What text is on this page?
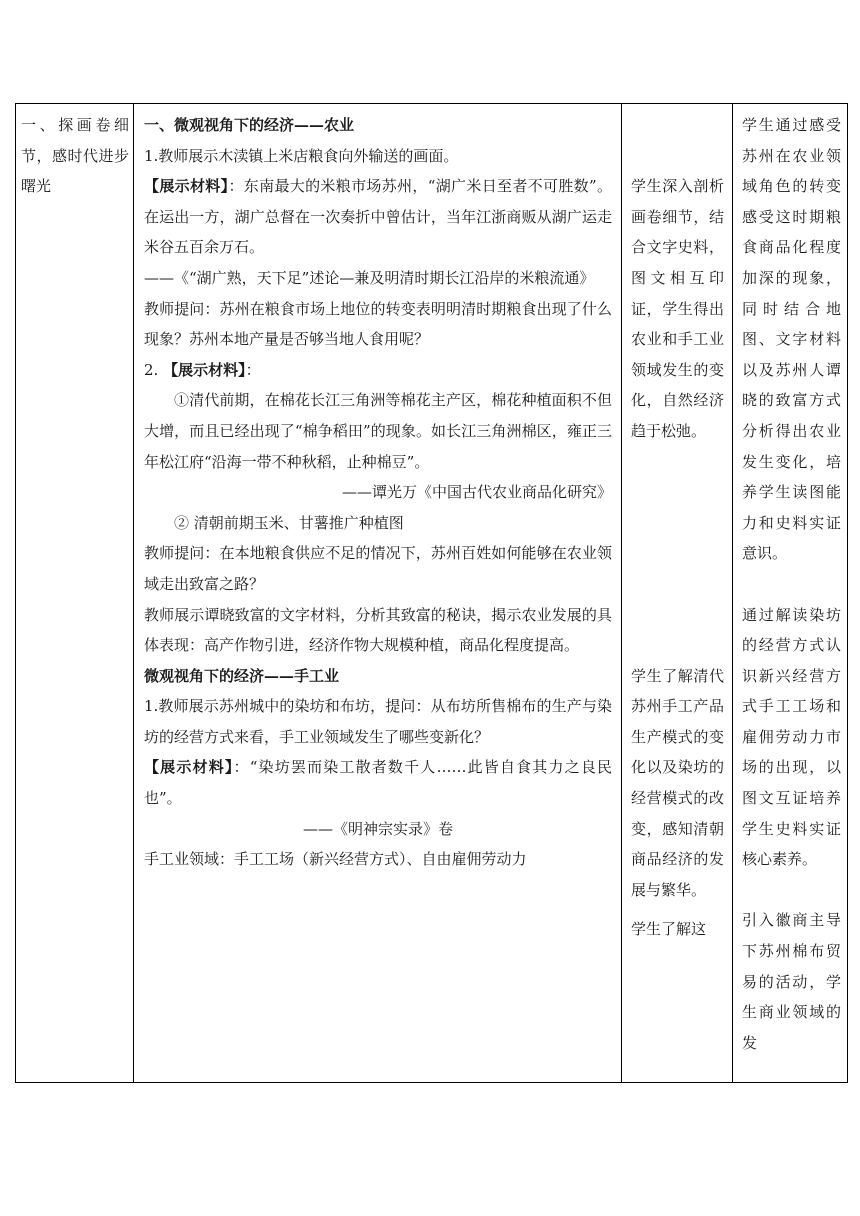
一、探画卷细节，感时代进步曙光

一、微观视角下的经济——农业

1.教师展示木渎镇上米店粮食向外输送的画面。

【展示材料】：东南最大的米粮市场苏州，“湖广米日至者不可胜数”。在运出一方，湖广总督在一次奏折中曾估计，当年江浙商贩从湖广运走米谷五百余万石。

——《“湖广熟，天下足”述论—兼及明清时期长江沿岸的米粮流通》

教师提问：苏州在粮食市场上地位的转变表明明清时期粮食出现了什么现象？苏州本地产量是否够当地人食用呢？

2. 【展示材料】：

①清代前期，在棉花长江三角洲等棉花主产区，棉花种植面积不但大增，而且已经出现了“棉争稻田”的现象。如长江三角洲棉区，雍正三年松江府“沿海一带不种秋稻，止种棉豆”。

——谭光万《中国古代农业商品化研究》

② 清朝前期玉米、甘薯推广种植图

教师提问：在本地粮食供应不足的情况下，苏州百姓如何能够在农业领域走出致富之路？

教师展示谭晓致富的文字材料，分析其致富的秘诀，揭示农业发展的具体表现：高产作物引进，经济作物大规模种植，商品化程度提高。

微观视角下的经济——手工业

1.教师展示苏州城中的染坊和布坊，提问：从布坊所售棉布的生产与染坊的经营方式来看，手工业领域发生了哪些变新化？

【展示材料】：“染坊罢而染工散者数千人……此皆自食其力之良民也”。

——《明神宗实录》卷

手工业领域：手工工场（新兴经营方式）、自由雇佣劳动力

学生深入剖析画卷细节，结合文字史料，图文相互印证，学生得出农业和手工业领域发生的变化，自然经济趋于松弛。

学生了解清代苏州手工产品生产模式的变化以及染坊的经营模式的改变，感知清朝商品经济的发展与繁华。

学生了解这

学生通过感受苏州在农业领域角色的转变感受这时期粮食商品化程度加深的现象，同时结合地图、文字材料以及苏州人谭晓的致富方式分析得出农业发生变化，培养学生读图能力和史料实证意识。

通过解读染坊的经营方式认识新兴经营方式手工工场和雇佣劳动力市场的出现，以图文互证培养学生史料实证核心素养。

引入徽商主导下苏州棉布贸易的活动，学生商业领域的发
